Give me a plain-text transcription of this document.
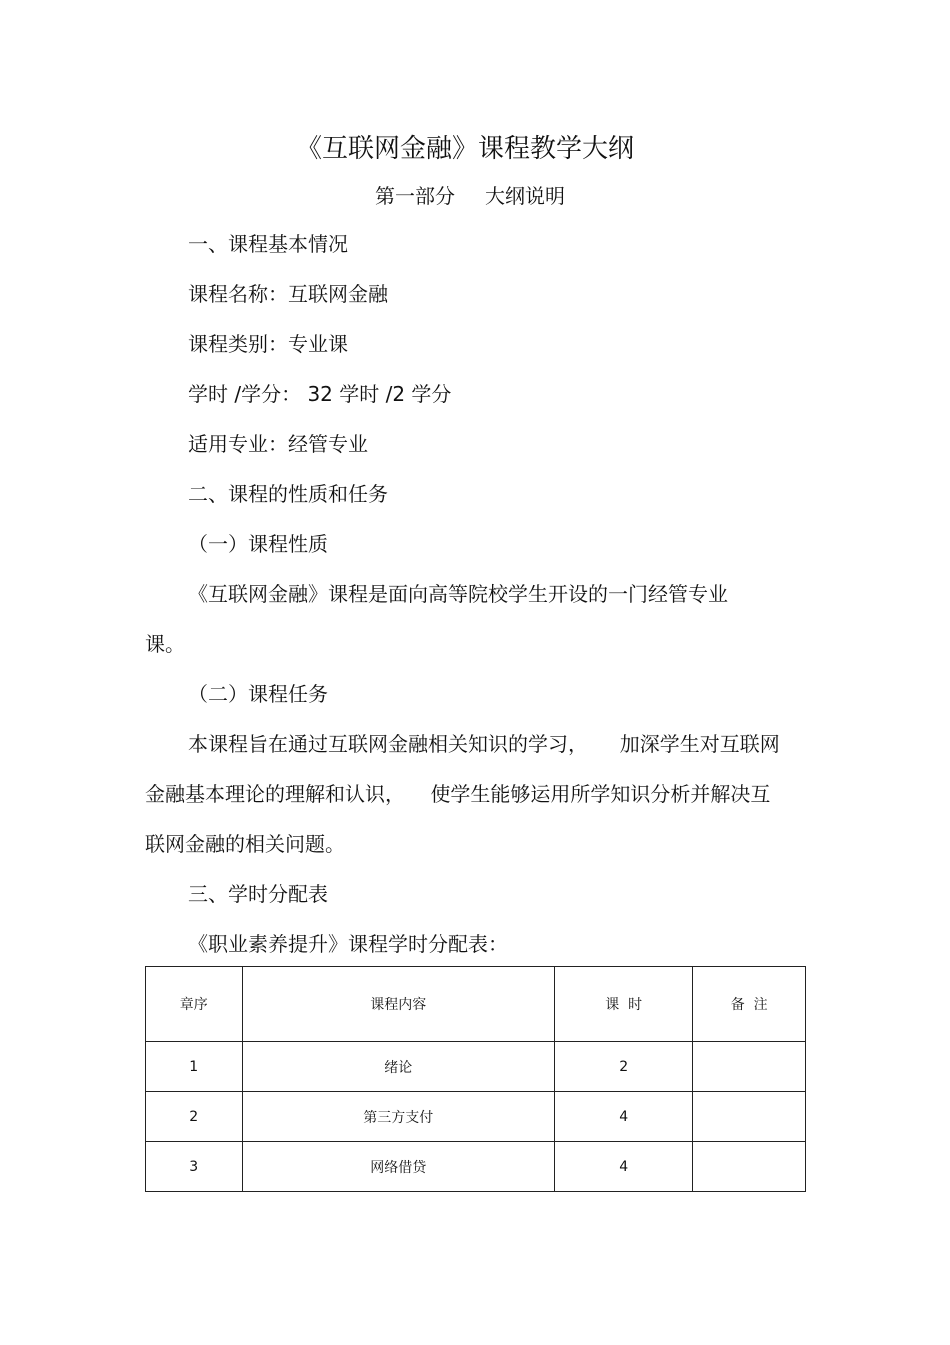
《互联网金融》课程教学大纲
第一部分 大纲说明
一、课程基本情况
课程名称：互联网金融
课程类别：专业课
学时 /学分： 32 学时 /2 学分
适用专业：经管专业
二、课程的性质和任务
（一）课程性质
《互联网金融》课程是面向高等院校学生开设的一门经管专业
课。
（二）课程任务
本课程旨在通过互联网金融相关知识的学习，     加深学生对互联网
金融基本理论的理解和认识，    使学生能够运用所学知识分析并解决互
联网金融的相关问题。
三、学时分配表
《职业素养提升》课程学时分配表：
章序	课程内容	课  时	备  注
1	绪论	2	
2	第三方支付	4	
3	网络借贷	4	
